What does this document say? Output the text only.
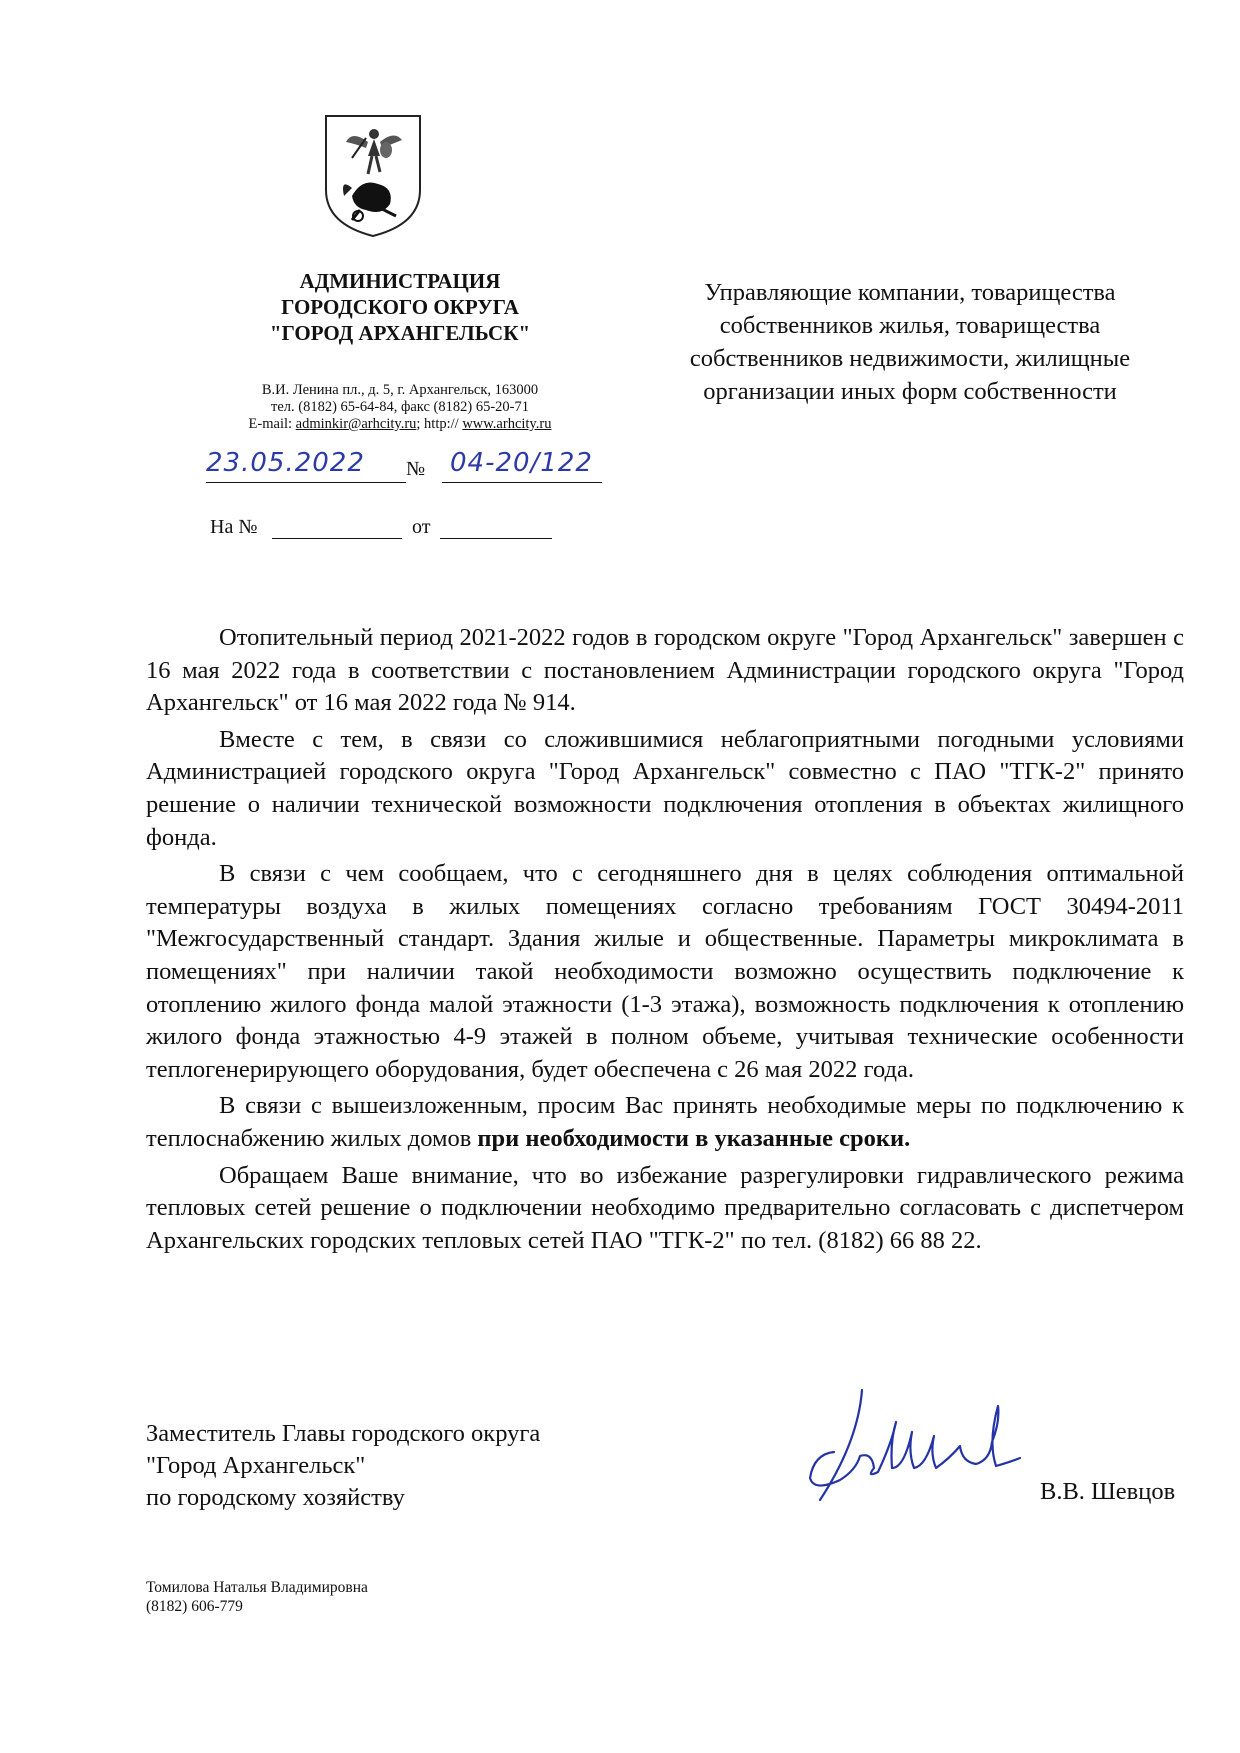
АДМИНИСТРАЦИЯ
ГОРОДСКОГО ОКРУГА
"ГОРОД АРХАНГЕЛЬСК"
В.И. Ленина пл., д. 5, г. Архангельск, 163000
тел. (8182) 65-64-84, факс (8182) 65-20-71
E-mail: adminkir@arhcity.ru; http:// www.arhcity.ru
23.05.2022	№ 04-20/122
На №	от
Управляющие компании, товарищества
собственников жилья, товарищества
собственников недвижимости, жилищные
организации иных форм собственности

Отопительный период 2021-2022 годов в городском округе "Город Архангельск" завершен с 16 мая 2022 года в соответствии с постановлением Администрации городского округа "Город Архангельск" от 16 мая 2022 года № 914.

Вместе с тем, в связи со сложившимися неблагоприятными погодными условиями Администрацией городского округа "Город Архангельск" совместно с ПАО "ТГК-2" принято решение о наличии технической возможности подключения отопления в объектах жилищного фонда.

В связи с чем сообщаем, что с сегодняшнего дня в целях соблюдения оптимальной температуры воздуха в жилых помещениях согласно требованиям ГОСТ 30494-2011 "Межгосударственный стандарт. Здания жилые и общественные. Параметры микроклимата в помещениях" при наличии такой необходимости возможно осуществить подключение к отоплению жилого фонда малой этажности (1-3 этажа), возможность подключения к отоплению жилого фонда этажностью 4-9 этажей в полном объеме, учитывая технические особенности теплогенерирующего оборудования, будет обеспечена с 26 мая 2022 года.

В связи с вышеизложенным, просим Вас принять необходимые меры по подключению к теплоснабжению жилых домов при необходимости в указанные сроки.

Обращаем Ваше внимание, что во избежание разрегулировки гидравлического режима тепловых сетей решение о подключении необходимо предварительно согласовать с диспетчером Архангельских городских тепловых сетей ПАО "ТГК-2" по тел. (8182) 66 88 22.

Заместитель Главы городского округа
"Город Архангельск"
по городскому хозяйству	В.В. Шевцов
Томилова Наталья Владимировна
(8182) 606-779
